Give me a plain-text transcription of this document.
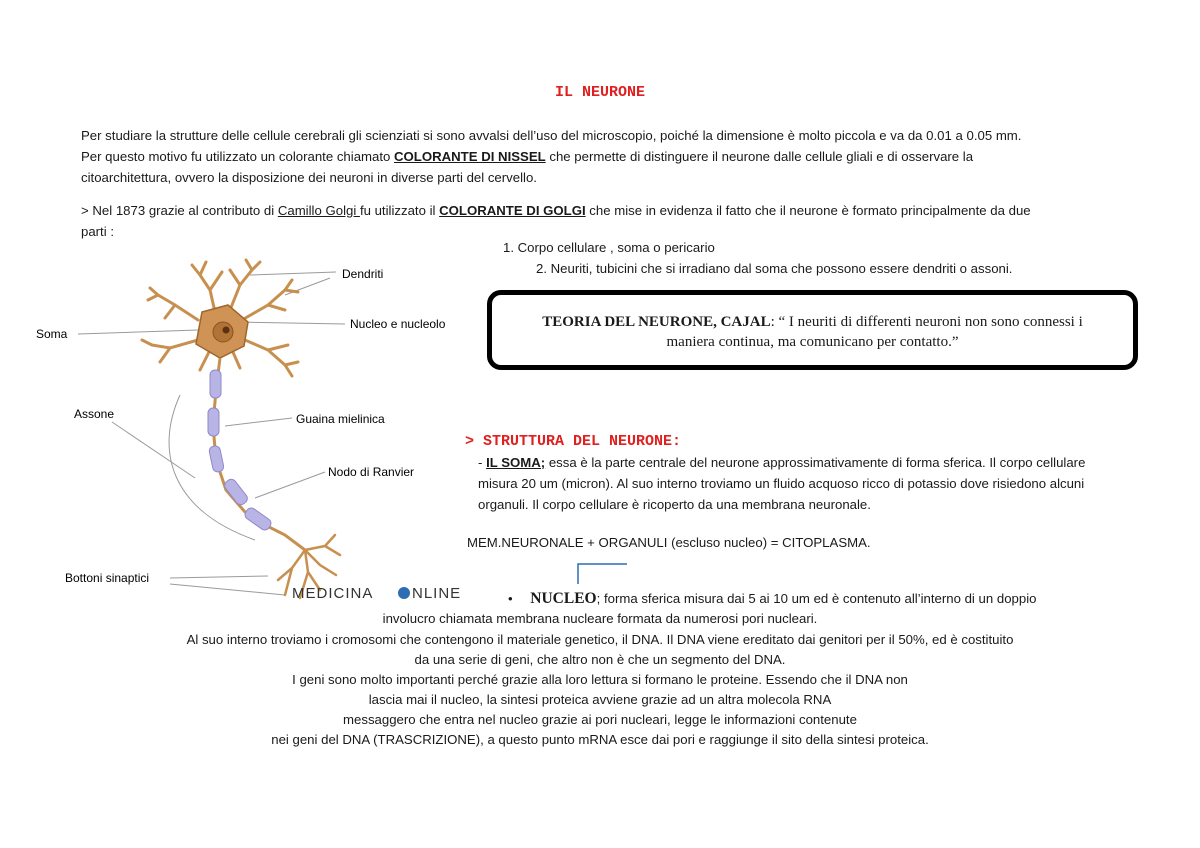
IL NEURONE
Per studiare la strutture delle cellule cerebrali gli scienziati si sono avvalsi dell’uso del microscopio, poiché la dimensione è molto piccola e va da 0.01 a 0.05 mm.
Per questo motivo fu utilizzato un colorante chiamato COLORANTE DI NISSEL che permette di distinguere il neurone dalle cellule gliali e di osservare la
citoarchitettura, ovvero la disposizione dei neuroni in diverse parti del cervello.
> Nel 1873 grazie al contributo di Camillo Golgi fu utilizzato il COLORANTE DI GOLGI che mise in evidenza il fatto che il neurone è formato principalmente da due
parti :
1. Corpo cellulare , soma o pericario
2. Neuriti, tubicini che si irradiano dal soma che possono essere dendriti o assoni.
TEORIA DEL NEURONE, CAJAL: “ I neuriti di differenti neuroni non sono connessi i maniera continua, ma comunicano per contatto.”
Dendriti
Soma
Nucleo e nucleolo
Assone	Guaina mielinica
Nodo di Ranvier
Bottoni sinaptici
MEDICINA	NLINE
> STRUTTURA DEL NEURONE:
- IL SOMA; essa è la parte centrale del neurone approssimativamente di forma sferica. Il corpo cellulare misura 20 um (micron). Al suo interno troviamo un fluido acquoso ricco di potassio dove risiedono alcuni organuli. Il corpo cellulare è ricoperto da una membrana neuronale.
MEM.NEURONALE + ORGANULI (escluso nucleo) = CITOPLASMA.
• NUCLEO; forma sferica misura dai 5 ai 10 um ed è contenuto all’interno di un doppio
involucro chiamata membrana nucleare formata da numerosi pori nucleari.
Al suo interno troviamo i cromosomi che contengono il materiale genetico, il DNA. Il DNA viene ereditato dai genitori per il 50%, ed è costituito
da una serie di geni, che altro non è che un segmento del DNA.
I geni sono molto importanti perché grazie alla loro lettura si formano le proteine. Essendo che il DNA non
lascia mai il nucleo, la sintesi proteica avviene grazie ad un altra molecola RNA
messaggero che entra nel nucleo grazie ai pori nucleari, legge le informazioni contenute
nei geni del DNA (TRASCRIZIONE), a questo punto mRNA esce dai pori e raggiunge il sito della sintesi proteica.
